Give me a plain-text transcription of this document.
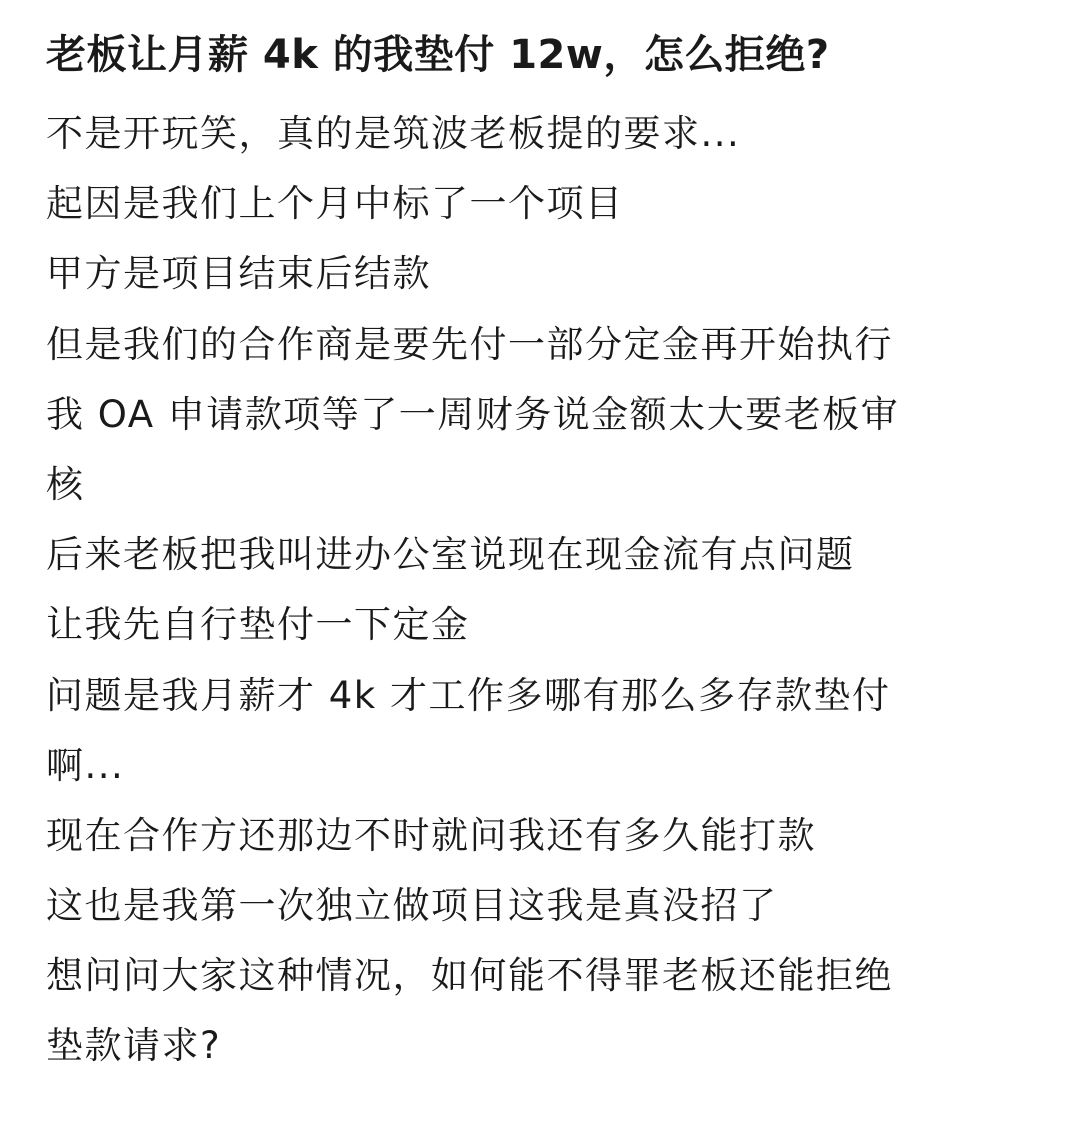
老板让月薪 4k 的我垫付 12w，怎么拒绝?
不是开玩笑，真的是筑波老板提的要求...
起因是我们上个月中标了一个项目
甲方是项目结束后结款
但是我们的合作商是要先付一部分定金再开始执行
我 OA 申请款项等了一周财务说金额太大要老板审
核
后来老板把我叫进办公室说现在现金流有点问题
让我先自行垫付一下定金
问题是我月薪才 4k 才工作多哪有那么多存款垫付
啊...
现在合作方还那边不时就问我还有多久能打款
这也是我第一次独立做项目这我是真没招了
想问问大家这种情况，如何能不得罪老板还能拒绝
垫款请求?
